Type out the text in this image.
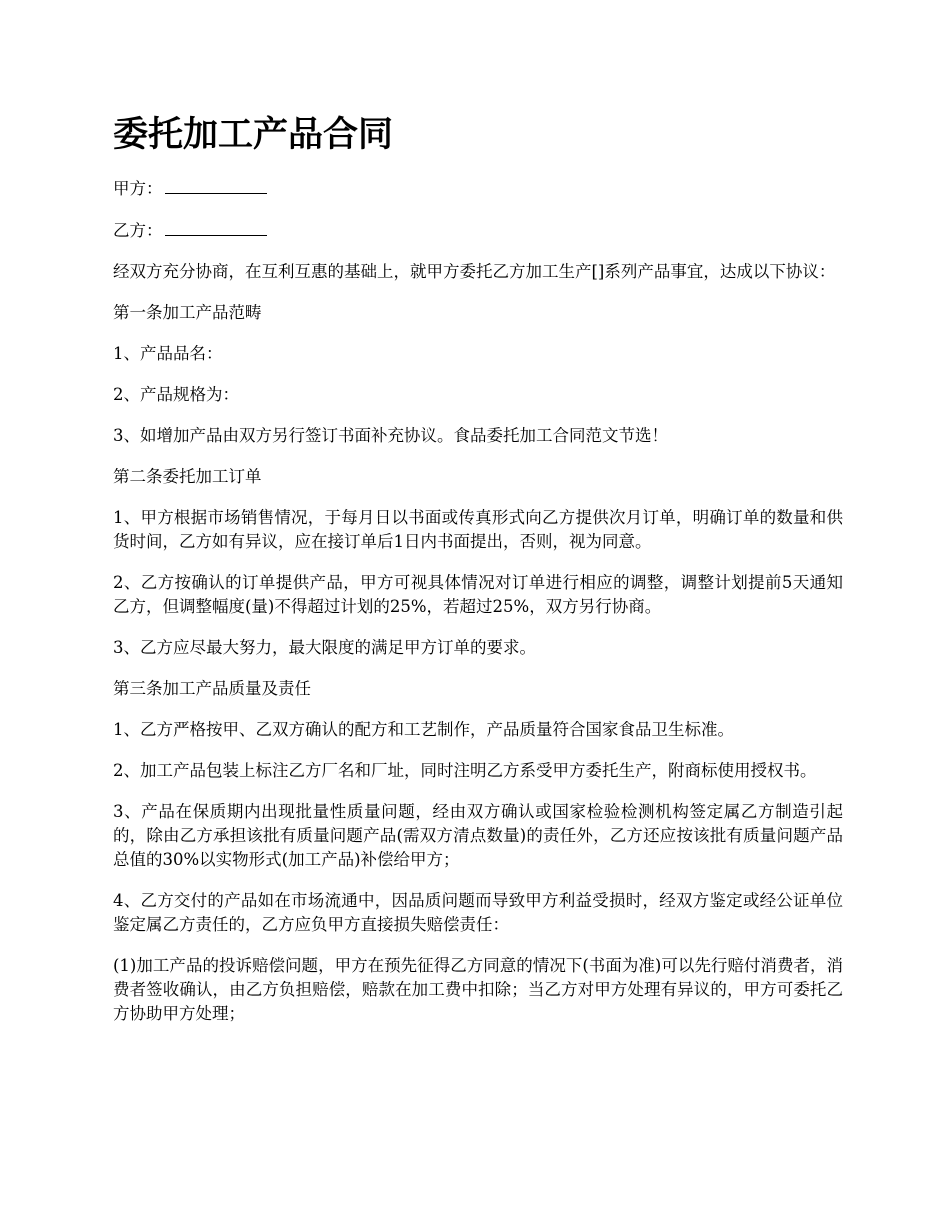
委托加工产品合同

甲方：

乙方：

经双方充分协商，在互利互惠的基础上，就甲方委托乙方加工生产[]系列产品事宜，达成以下协议：

第一条加工产品范畴

1、产品品名：

2、产品规格为：

3、如增加产品由双方另行签订书面补充协议。食品委托加工合同范文节选！

第二条委托加工订单

1、甲方根据市场销售情况，于每月日以书面或传真形式向乙方提供次月订单，明确订单的数量和供货时间，乙方如有异议，应在接订单后1日内书面提出，否则，视为同意。

2、乙方按确认的订单提供产品，甲方可视具体情况对订单进行相应的调整，调整计划提前5天通知乙方，但调整幅度(量)不得超过计划的25%，若超过25%，双方另行协商。

3、乙方应尽最大努力，最大限度的满足甲方订单的要求。

第三条加工产品质量及责任

1、乙方严格按甲、乙双方确认的配方和工艺制作，产品质量符合国家食品卫生标准。

2、加工产品包装上标注乙方厂名和厂址，同时注明乙方系受甲方委托生产，附商标使用授权书。

3、产品在保质期内出现批量性质量问题，经由双方确认或国家检验检测机构签定属乙方制造引起的，除由乙方承担该批有质量问题产品(需双方清点数量)的责任外，乙方还应按该批有质量问题产品总值的30%以实物形式(加工产品)补偿给甲方；

4、乙方交付的产品如在市场流通中，因品质问题而导致甲方利益受损时，经双方鉴定或经公证单位鉴定属乙方责任的，乙方应负甲方直接损失赔偿责任：

(1)加工产品的投诉赔偿问题，甲方在预先征得乙方同意的情况下(书面为准)可以先行赔付消费者，消费者签收确认，由乙方负担赔偿，赔款在加工费中扣除；当乙方对甲方处理有异议的，甲方可委托乙方协助甲方处理；
